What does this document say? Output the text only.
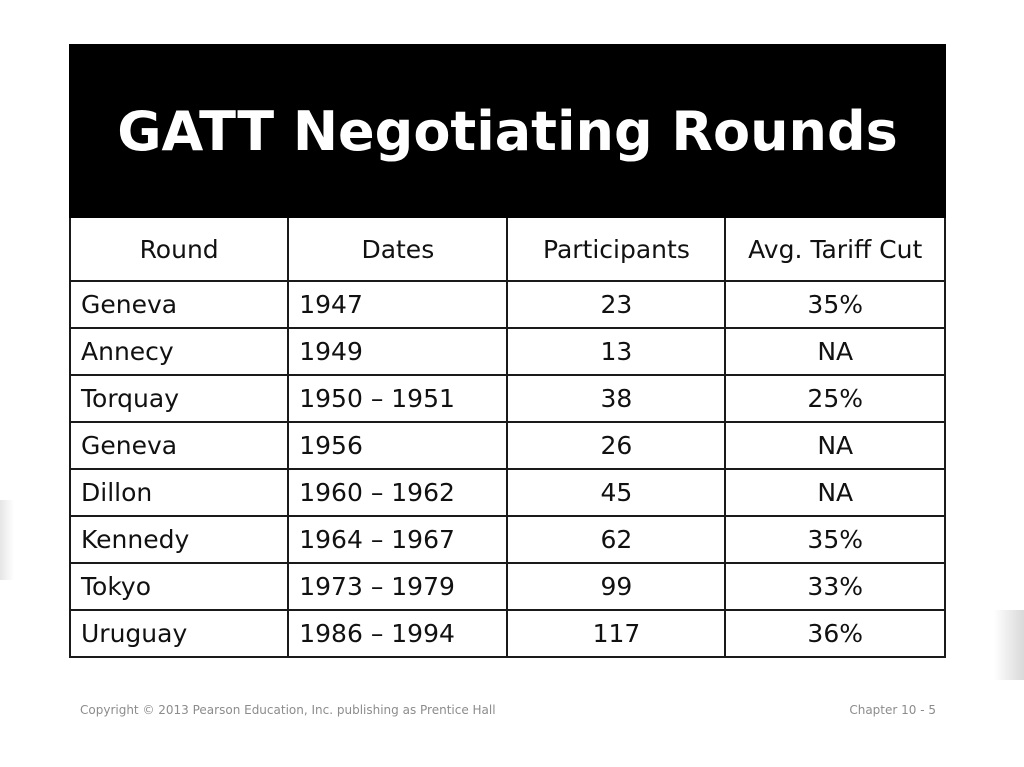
GATT Negotiating Rounds
Round	Dates	Participants	Avg. Tariff Cut
Geneva	1947	23	35%
Annecy	1949	13	NA
Torquay	1950 – 1951	38	25%
Geneva	1956	26	NA
Dillon	1960 – 1962	45	NA
Kennedy	1964 – 1967	62	35%
Tokyo	1973 – 1979	99	33%
Uruguay	1986 – 1994	117	36%
Copyright © 2013 Pearson Education, Inc. publishing as Prentice Hall	Chapter 10 - 5
